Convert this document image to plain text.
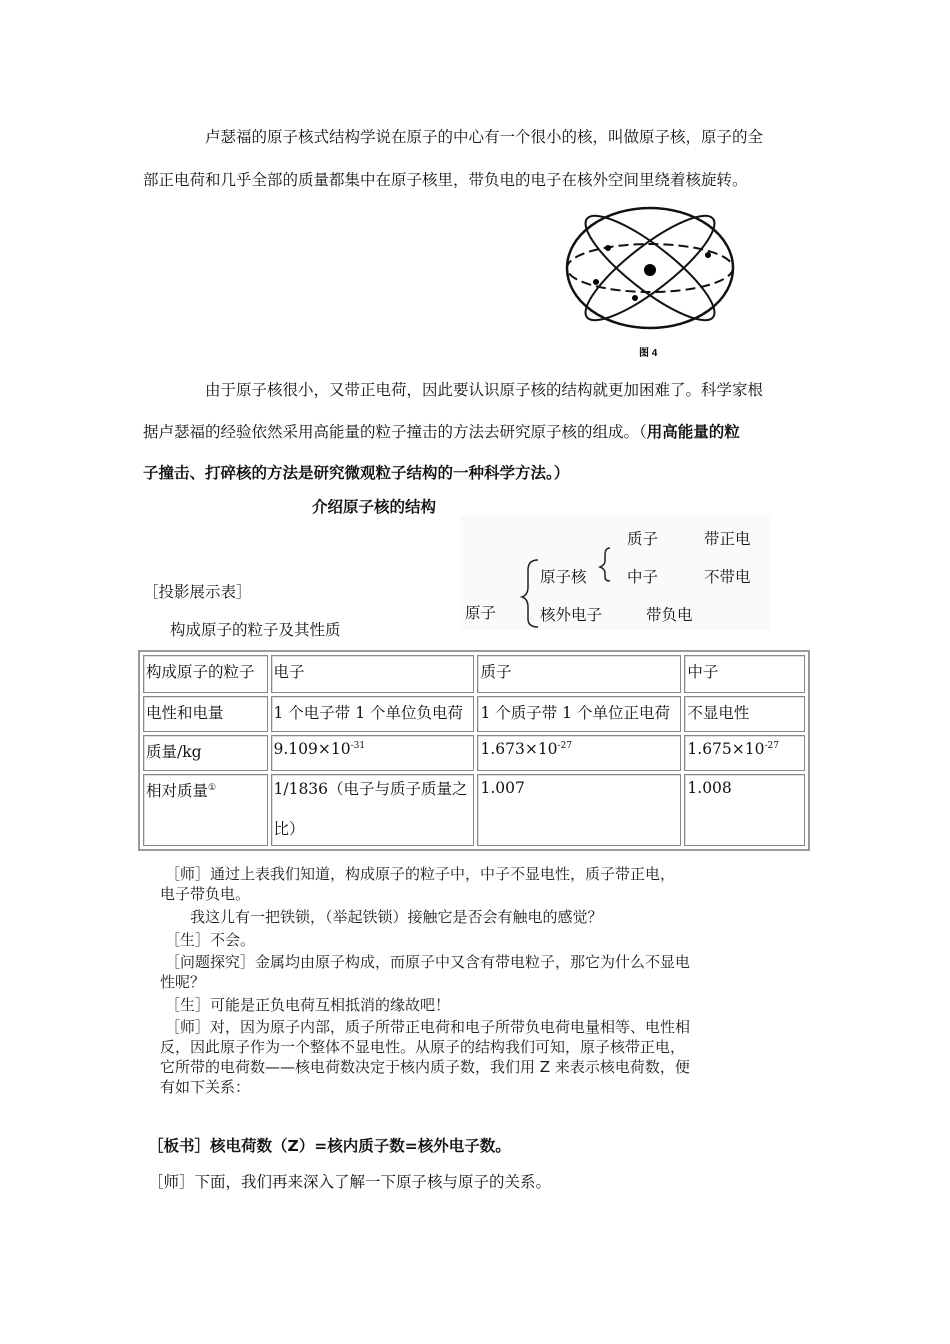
卢瑟福的原子核式结构学说在原子的中心有一个很小的核，叫做原子核，原子的全
部正电荷和几乎全部的质量都集中在原子核里，带负电的电子在核外空间里绕着核旋转。
图 4
由于原子核很小，又带正电荷，因此要认识原子核的结构就更加困难了。科学家根
据卢瑟福的经验依然采用高能量的粒子撞击的方法去研究原子核的组成。（用高能量的粒
子撞击、打碎核的方法是研究微观粒子结构的一种科学方法。）
介绍原子核的结构
原子
原子核
核外电子
质子
中子
带正电
不带电
带负电
［投影展示表］
构成原子的粒子及其性质
构成原子的粒子	电子	质子	中子
电性和电量	1 个电子带 1 个单位负电荷	1 个质子带 1 个单位正电荷	不显电性
质量/kg	$9.109\times 10^{-31}$	$1.673\times 10^{-27}$	$1.675\times 10^{-27}$
相对质量①	1/1836（电子与质子质量之
比）	1.007	1.008
［师］通过上表我们知道，构成原子的粒子中，中子不显电性，质子带正电，
电子带负电。
我这儿有一把铁锁，（举起铁锁）接触它是否会有触电的感觉？
［生］不会。
［问题探究］金属均由原子构成，而原子中又含有带电粒子，那它为什么不显电
性呢？
［生］可能是正负电荷互相抵消的缘故吧！
［师］对，因为原子内部，质子所带正电荷和电子所带负电荷电量相等、电性相
反，因此原子作为一个整体不显电性。从原子的结构我们可知，原子核带正电，
它所带的电荷数——核电荷数决定于核内质子数，我们用 Z 来表示核电荷数，便
有如下关系：
［板书］核电荷数（Z）=核内质子数=核外电子数。
［师］下面，我们再来深入了解一下原子核与原子的关系。
